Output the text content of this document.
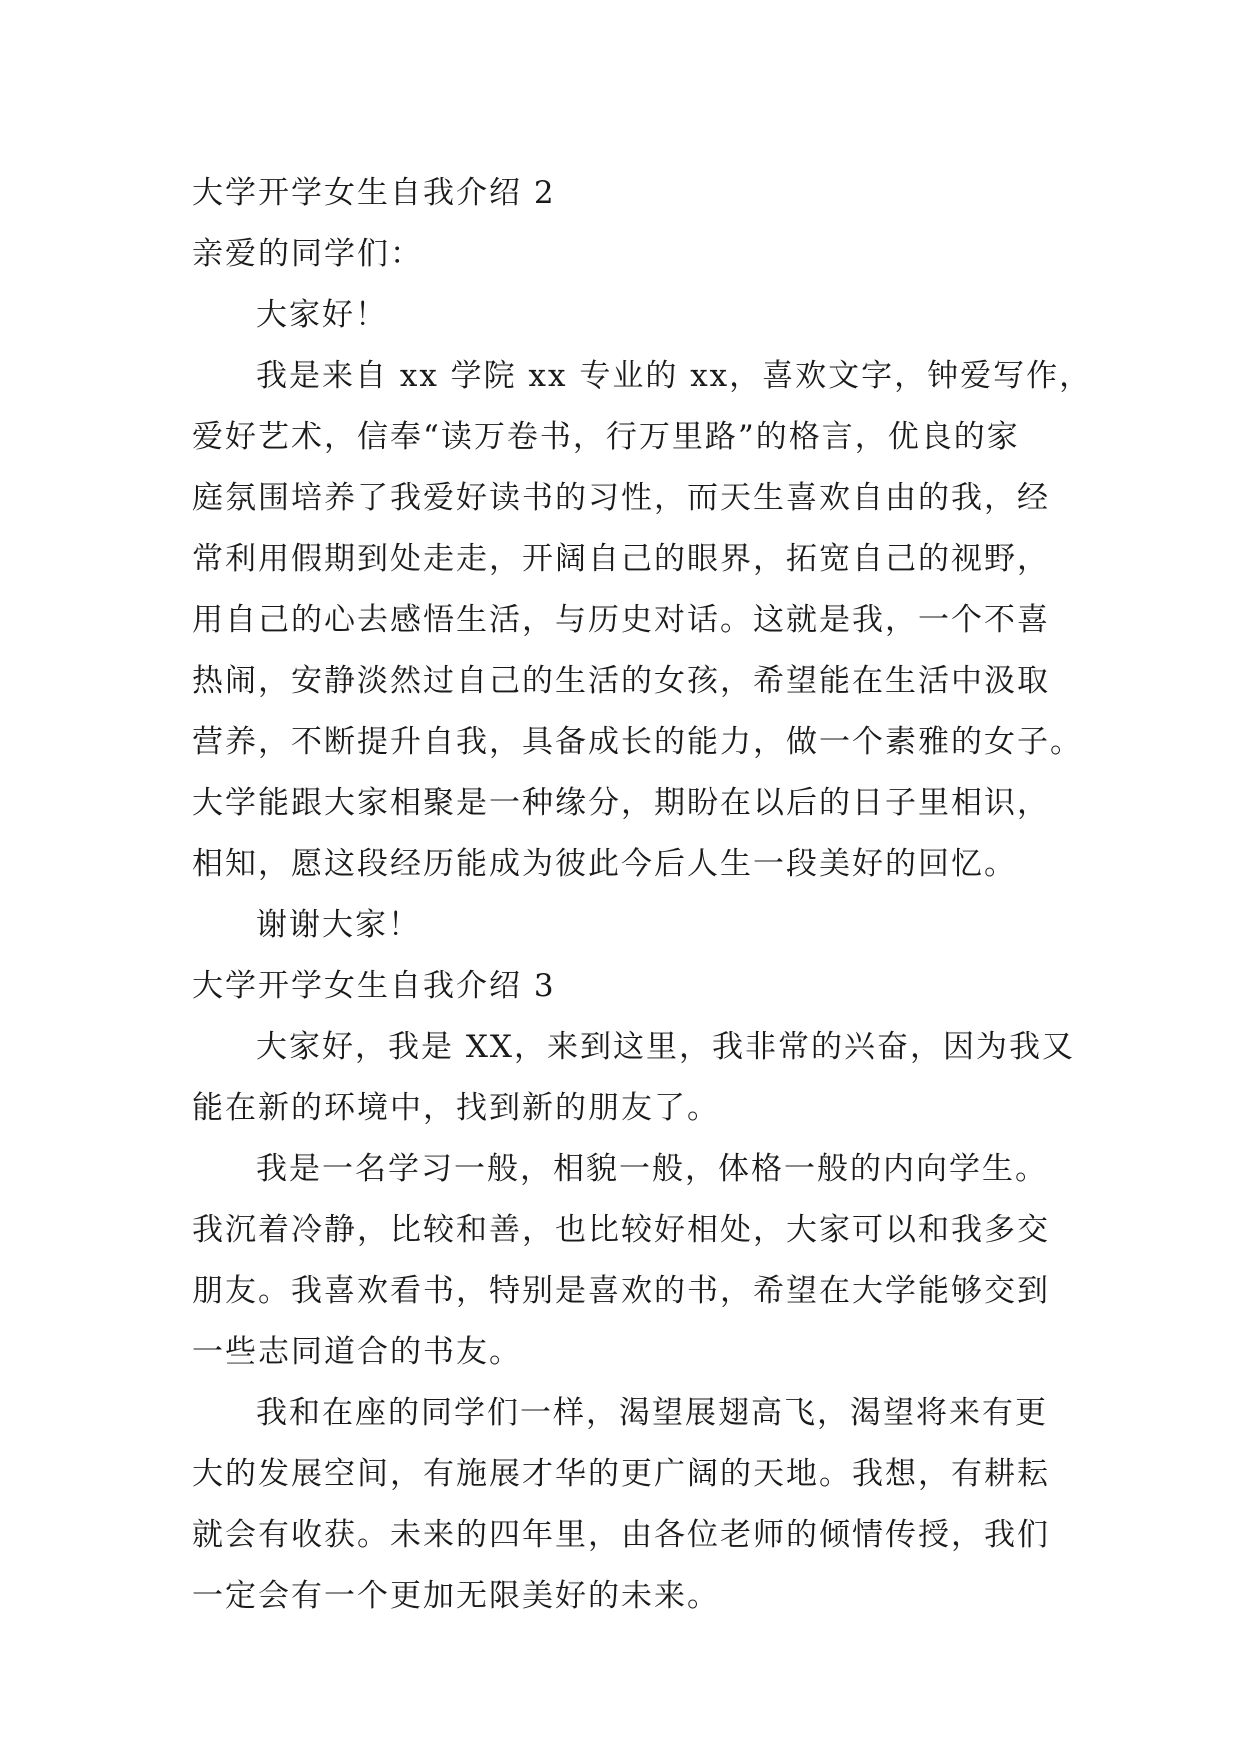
大学开学女生自我介绍 2
亲爱的同学们：
大家好！
我是来自 xx 学院 xx 专业的 xx，喜欢文字，钟爱写作，
爱好艺术，信奉“读万卷书，行万里路”的格言，优良的家
庭氛围培养了我爱好读书的习性，而天生喜欢自由的我，经
常利用假期到处走走，开阔自己的眼界，拓宽自己的视野，
用自己的心去感悟生活，与历史对话。这就是我，一个不喜
热闹，安静淡然过自己的生活的女孩，希望能在生活中汲取
营养，不断提升自我，具备成长的能力，做一个素雅的女子。
大学能跟大家相聚是一种缘分，期盼在以后的日子里相识，
相知，愿这段经历能成为彼此今后人生一段美好的回忆。
谢谢大家！
大学开学女生自我介绍 3
大家好，我是 XX，来到这里，我非常的兴奋，因为我又
能在新的环境中，找到新的朋友了。
我是一名学习一般，相貌一般，体格一般的内向学生。
我沉着冷静，比较和善，也比较好相处，大家可以和我多交
朋友。我喜欢看书，特别是喜欢的书，希望在大学能够交到
一些志同道合的书友。
我和在座的同学们一样，渴望展翅高飞，渴望将来有更
大的发展空间，有施展才华的更广阔的天地。我想，有耕耘
就会有收获。未来的四年里，由各位老师的倾情传授，我们
一定会有一个更加无限美好的未来。
